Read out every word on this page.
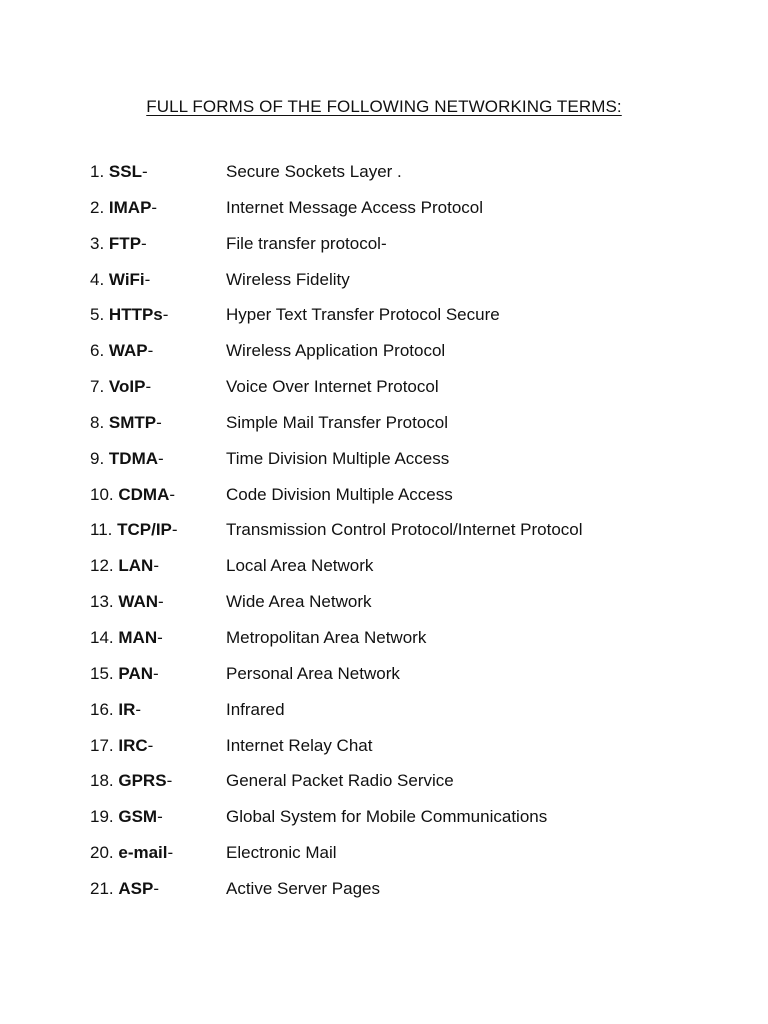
FULL FORMS OF THE FOLLOWING NETWORKING TERMS:
1. SSL-	Secure Sockets Layer .
2. IMAP-	Internet Message Access Protocol
3. FTP-	File transfer protocol-
4. WiFi-	Wireless Fidelity
5. HTTPs-	Hyper Text Transfer Protocol Secure
6. WAP-	Wireless Application Protocol
7. VoIP-	Voice Over Internet Protocol
8. SMTP-	Simple Mail Transfer Protocol
9. TDMA-	Time Division Multiple Access
10. CDMA-	Code Division Multiple Access
11. TCP/IP-	Transmission Control Protocol/Internet Protocol
12. LAN-	Local Area Network
13. WAN-	Wide Area Network
14. MAN-	Metropolitan Area Network
15. PAN-	Personal Area Network
16. IR-	Infrared
17. IRC-	Internet Relay Chat
18. GPRS-	General Packet Radio Service
19. GSM-	Global System for Mobile Communications
20. e-mail-	Electronic Mail
21. ASP-	Active Server Pages
